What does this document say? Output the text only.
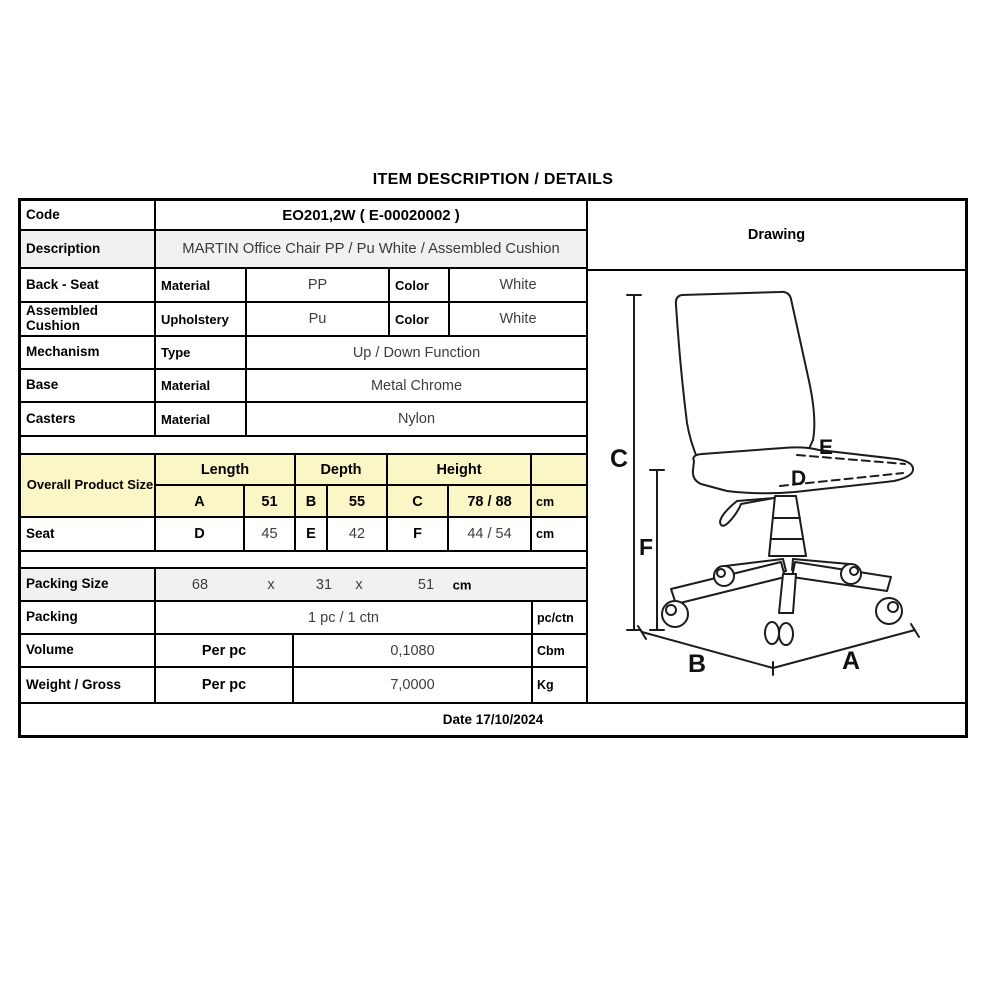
ITEM DESCRIPTION / DETAILS
Code	EO201,2W ( E-00020002 )
Description	MARTIN Office Chair PP / Pu White / Assembled Cushion
Back - Seat	Material	PP	Color	White
Assembled Cushion	Upholstery	Pu	Color	White
Mechanism	Type	Up / Down Function
Base	Material	Metal Chrome
Casters	Material	Nylon
Overall Product Size
Length	Depth	Height
A	51	B	55	C	78 / 88	cm
Seat	D	45	E	42	F	44 / 54	cm
Packing Size	68	x	31 x	51 cm
Packing	1 pc / 1 ctn	pc/ctn
Volume	Per pc	0,1080	Cbm
Weight / Gross	Per pc	7,0000	Kg
Drawing
C
F
E
D
B	A
Date 17/10/2024
